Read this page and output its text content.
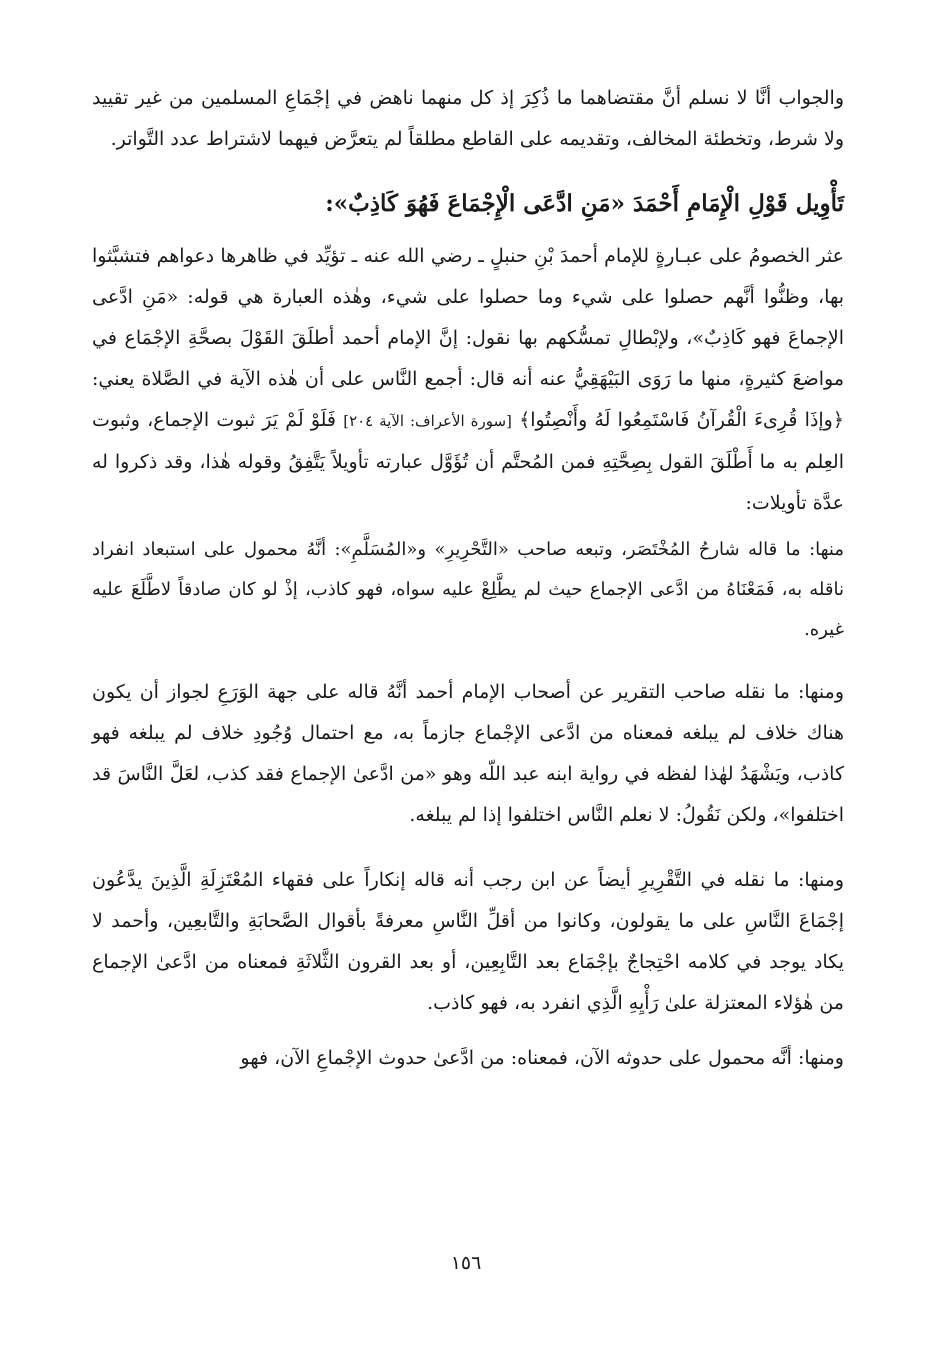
والجواب أنَّا لا نسلم أنَّ مقتضاهما ما ذُكِرَ إذ كل منهما ناهض في إجْمَاعِ المسلمين من غير تقييد ولا شرط، وتخطئة المخالف، وتقديمه على القاطع مطلقاً لم يتعرَّض فيهما لاشتراط عدد التَّواتر.

تَأْوِيل قَوْلِ الْإِمَامِ أَحْمَدَ «مَنِ ادَّعَى الْإِجْمَاعَ فَهُوَ كَاذِبٌ»:

عثر الخصومُ على عبـارةٍ للإمام أحمدَ بْنِ حنبلٍ ـ رضي الله عنه ـ تؤيِّد في ظاهرها دعواهم فتشبَّثوا بها، وظنُّوا أنَّهم حصلوا على شيء وما حصلوا على شيء، وهٰذه العبارة هي قوله: «مَنِ ادَّعى الإجماعَ فهو كَاذِبٌ»، ولإبْطالِ تمسُّكهم بها نقول: إنَّ الإمام أحمد أطلَقَ القَوْلَ بصحَّةِ الإجْمَاع في مواضعَ كثيرةٍ، منها ما رَوَى البَيْهَقِيُّ عنه أنه قال: أجمع النَّاس على أن هٰذه الآية في الصَّلاة يعني: ﴿وإذَا قُرِىءَ الْقُرآنُ فَاسْتَمِعُوا لَهُ وأَنْصِتُوا﴾ [سورة الأعراف: الآية ٢٠٤] فَلَوْ لَمْ يَرَ ثبوت الإجماع، وثبوت العِلم به ما أَطْلَقَ القول بِصِحَّتِهِ فمن المُحتَّم أن تُؤَوَّل عبارته تأويلاً يَتَّفِقُ وقوله هٰذا، وقد ذكروا له عدَّة تأويلات:

منها: ما قاله شارحُ المُخْتَصَر، وتبعه صاحب «التَّحْرِيرِ» و«المُسَلَّمِ»: أنَّهُ محمول على استبعاد انفراد ناقله به، فَمَعْنَاهُ من ادَّعى الإجماع حيث لم يطَّلِعْ عليه سواه، فهو كاذب، إذْ لو كان صادقاً لاطَّلَعَ عليه غيره.

ومنها: ما نقله صاحب التقرير عن أصحاب الإمام أحمد أنَّهُ قاله على جهة الوَرَعِ لجواز أن يكون هناك خلاف لم يبلغه فمعناه من ادَّعى الإجْماع جازماً به، مع احتمال وُجُودِ خلاف لم يبلغه فهو كاذب، ويَشْهَدُ لهٰذا لفظه في رواية ابنه عبد اللّه وهو «من ادَّعىٰ الإجماع فقد كذب، لعَلَّ النَّاسَ قد اختلفوا»، ولكن نَقُولُ: لا نعلم النَّاس اختلفوا إذا لم يبلغه.

ومنها: ما نقله في التَّقْرِيرِ أيضاً عن ابن رجب أنه قاله إنكاراً على فقهاء المُعْتَزِلَةِ الَّذِينَ يدَّعُون إجْمَاعَ النَّاسِ على ما يقولون، وكانوا من أقلِّ النَّاسِ معرفةً بأقوال الصَّحابَةِ والتَّابعِين، وأحمد لا يكاد يوجد في كلامه احْتِجاجٌ بإجْمَاع بعد التَّابِعِين، أو بعد القرون الثَّلاثَةِ فمعناه من ادَّعىٰ الإجماع من هٰؤلاء المعتزلة علىٰ رَأْيِهِ الَّذِي انفرد به، فهو كاذب.

ومنها: أنَّه محمول على حدوثه الآن، فمعناه: من ادَّعىٰ حدوث الإجْماعِ الآن، فهو

١٥٦
